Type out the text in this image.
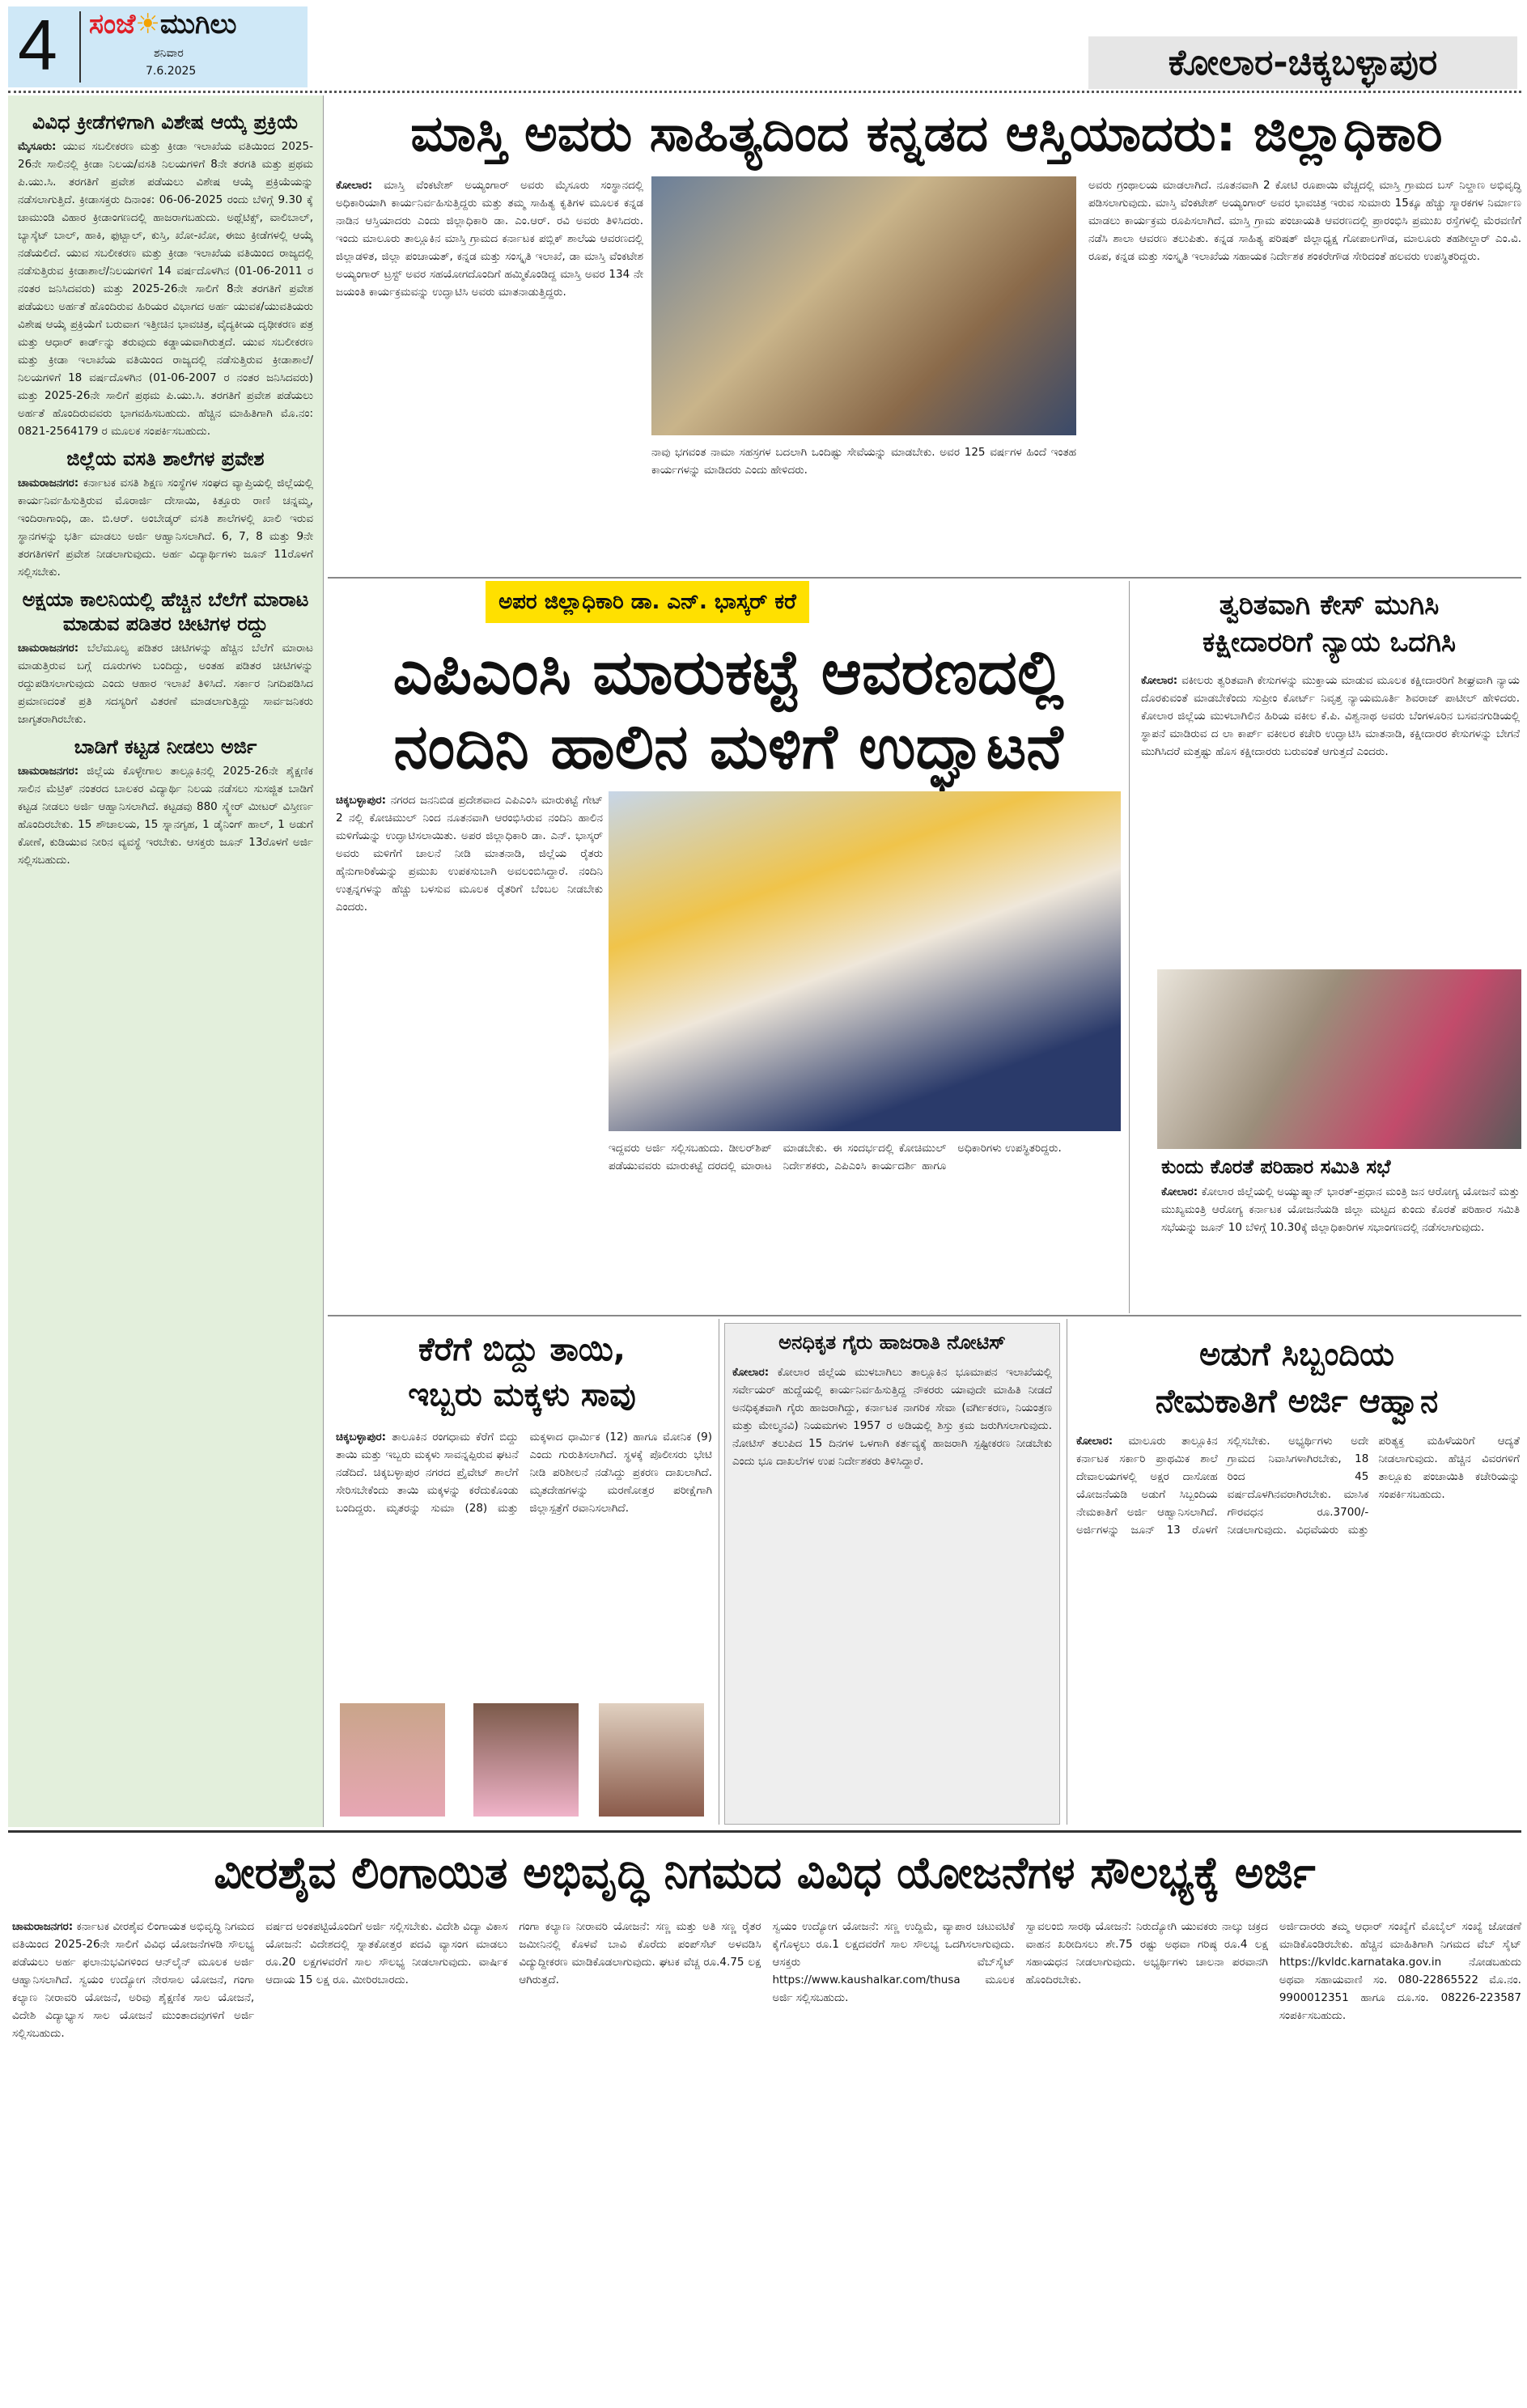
4 ಸಂಜೆ☀ಮುಗಿಲು
ಶನಿವಾರ
7.6.2025	ಕೋಲಾರ-ಚಿಕ್ಕಬಳ್ಳಾಪುರ
ವಿವಿಧ ಕ್ರೀಡೆಗಳಿಗಾಗಿ ವಿಶೇಷ ಆಯ್ಕೆ ಪ್ರಕ್ರಿಯೆ
ಮೈಸೂರು: ಯುವ ಸಬಲೀಕರಣ ಮತ್ತು ಕ್ರೀಡಾ ಇಲಾಖೆಯ ವತಿಯಿಂದ 2025-26ನೇ ಸಾಲಿನಲ್ಲಿ ಕ್ರೀಡಾ ನಿಲಯ/ವಸತಿ ನಿಲಯಗಳಿಗೆ 8ನೇ ತರಗತಿ ಮತ್ತು ಪ್ರಥಮ ಪಿ.ಯು.ಸಿ. ತರಗತಿಗೆ ಪ್ರವೇಶ ಪಡೆಯಲು ವಿಶೇಷ ಆಯ್ಕೆ ಪ್ರಕ್ರಿಯೆಯನ್ನು ನಡೆಸಲಾಗುತ್ತಿದೆ. ಕ್ರೀಡಾಸಕ್ತರು ದಿನಾಂಕ: 06-06-2025 ರಂದು ಬೆಳಿಗ್ಗೆ 9.30 ಕ್ಕೆ ಚಾಮುಂಡಿ ವಿಹಾರ ಕ್ರೀಡಾಂಗಣದಲ್ಲಿ ಹಾಜರಾಗಬಹುದು. ಅಥ್ಲೆಟಿಕ್ಸ್, ವಾಲಿಬಾಲ್, ಬ್ಯಾಸ್ಕೆಟ್ ಬಾಲ್, ಹಾಕಿ, ಫುಟ್ಬಾಲ್, ಕುಸ್ತಿ, ಖೋ-ಖೋ, ಈಜು ಕ್ರೀಡೆಗಳಲ್ಲಿ ಆಯ್ಕೆ ನಡೆಯಲಿದೆ. ಯುವ ಸಬಲೀಕರಣ ಮತ್ತು ಕ್ರೀಡಾ ಇಲಾಖೆಯ ವತಿಯಿಂದ ರಾಜ್ಯದಲ್ಲಿ ನಡೆಸುತ್ತಿರುವ ಕ್ರೀಡಾಶಾಲೆ/ನಿಲಯಗಳಿಗೆ 14 ವರ್ಷದೊಳಗಿನ (01-06-2011 ರ ನಂತರ ಜನಿಸಿದವರು) ಮತ್ತು 2025-26ನೇ ಸಾಲಿಗೆ 8ನೇ ತರಗತಿಗೆ ಪ್ರವೇಶ ಪಡೆಯಲು ಅರ್ಹತೆ ಹೊಂದಿರುವ ಹಿರಿಯರ ವಿಭಾಗದ ಅರ್ಹ ಯುವಕ/ಯುವತಿಯರು ವಿಶೇಷ ಆಯ್ಕೆ ಪ್ರಕ್ರಿಯೆಗೆ ಬರುವಾಗ ಇತ್ತೀಚಿನ ಭಾವಚಿತ್ರ, ವೈದ್ಯಕೀಯ ದೃಢೀಕರಣ ಪತ್ರ ಮತ್ತು ಆಧಾರ್ ಕಾರ್ಡ್‌ನ್ನು ತರುವುದು ಕಡ್ಡಾಯವಾಗಿರುತ್ತದೆ. ಯುವ ಸಬಲೀಕರಣ ಮತ್ತು ಕ್ರೀಡಾ ಇಲಾಖೆಯ ವತಿಯಿಂದ ರಾಜ್ಯದಲ್ಲಿ ನಡೆಸುತ್ತಿರುವ ಕ್ರೀಡಾಶಾಲೆ/ನಿಲಯಗಳಿಗೆ 18 ವರ್ಷದೊಳಗಿನ (01-06-2007 ರ ನಂತರ ಜನಿಸಿದವರು) ಮತ್ತು 2025-26ನೇ ಸಾಲಿಗೆ ಪ್ರಥಮ ಪಿ.ಯು.ಸಿ. ತರಗತಿಗೆ ಪ್ರವೇಶ ಪಡೆಯಲು ಅರ್ಹತೆ ಹೊಂದಿರುವವರು ಭಾಗವಹಿಸಬಹುದು. ಹೆಚ್ಚಿನ ಮಾಹಿತಿಗಾಗಿ ಮೊ.ನಂ: 0821-2564179 ರ ಮೂಲಕ ಸಂಪರ್ಕಿಸಬಹುದು.
ಜಿಲ್ಲೆಯ ವಸತಿ ಶಾಲೆಗಳ ಪ್ರವೇಶ
ಚಾಮರಾಜನಗರ: ಕರ್ನಾಟಕ ವಸತಿ ಶಿಕ್ಷಣ ಸಂಸ್ಥೆಗಳ ಸಂಘದ ವ್ಯಾಪ್ತಿಯಲ್ಲಿ ಜಿಲ್ಲೆಯಲ್ಲಿ ಕಾರ್ಯನಿರ್ವಹಿಸುತ್ತಿರುವ ಮೊರಾರ್ಜಿ ದೇಸಾಯಿ, ಕಿತ್ತೂರು ರಾಣಿ ಚನ್ನಮ್ಮ, ಇಂದಿರಾಗಾಂಧಿ, ಡಾ. ಬಿ.ಆರ್. ಅಂಬೇಡ್ಕರ್ ವಸತಿ ಶಾಲೆಗಳಲ್ಲಿ ಖಾಲಿ ಇರುವ ಸ್ಥಾನಗಳನ್ನು ಭರ್ತಿ ಮಾಡಲು ಅರ್ಜಿ ಆಹ್ವಾನಿಸಲಾಗಿದೆ. 6, 7, 8 ಮತ್ತು 9ನೇ ತರಗತಿಗಳಿಗೆ ಪ್ರವೇಶ ನೀಡಲಾಗುವುದು. ಅರ್ಹ ವಿದ್ಯಾರ್ಥಿಗಳು ಜೂನ್ 11ರೊಳಗೆ ಸಲ್ಲಿಸಬೇಕು.
ಅಕ್ಷಯಾ ಕಾಲನಿಯಲ್ಲಿ ಹೆಚ್ಚಿನ ಬೆಲೆಗೆ ಮಾರಾಟ ಮಾಡುವ ಪಡಿತರ ಚೀಟಿಗಳ ರದ್ದು
ಚಾಮರಾಜನಗರ: ಬೆಲೆಮೂಲ್ಯ ಪಡಿತರ ಚೀಟಿಗಳನ್ನು ಹೆಚ್ಚಿನ ಬೆಲೆಗೆ ಮಾರಾಟ ಮಾಡುತ್ತಿರುವ ಬಗ್ಗೆ ದೂರುಗಳು ಬಂದಿದ್ದು, ಅಂತಹ ಪಡಿತರ ಚೀಟಿಗಳನ್ನು ರದ್ದುಪಡಿಸಲಾಗುವುದು ಎಂದು ಆಹಾರ ಇಲಾಖೆ ತಿಳಿಸಿದೆ. ಸರ್ಕಾರ ನಿಗದಿಪಡಿಸಿದ ಪ್ರಮಾಣದಂತೆ ಪ್ರತಿ ಸದಸ್ಯರಿಗೆ ವಿತರಣೆ ಮಾಡಲಾಗುತ್ತಿದ್ದು ಸಾರ್ವಜನಿಕರು ಜಾಗೃತರಾಗಿರಬೇಕು.
ಬಾಡಿಗೆ ಕಟ್ಟಡ ನೀಡಲು ಅರ್ಜಿ
ಚಾಮರಾಜನಗರ: ಜಿಲ್ಲೆಯ ಕೊಳ್ಳೇಗಾಲ ತಾಲ್ಲೂಕಿನಲ್ಲಿ 2025-26ನೇ ಶೈಕ್ಷಣಿಕ ಸಾಲಿನ ಮೆಟ್ರಿಕ್ ನಂತರದ ಬಾಲಕರ ವಿದ್ಯಾರ್ಥಿ ನಿಲಯ ನಡೆಸಲು ಸುಸಜ್ಜಿತ ಬಾಡಿಗೆ ಕಟ್ಟಡ ನೀಡಲು ಅರ್ಜಿ ಆಹ್ವಾನಿಸಲಾಗಿದೆ. ಕಟ್ಟಡವು 880 ಸ್ಕ್ವೇರ್ ಮೀಟರ್ ವಿಸ್ತೀರ್ಣ ಹೊಂದಿರಬೇಕು. 15 ಶೌಚಾಲಯ, 15 ಸ್ನಾನಗೃಹ, 1 ಡೈನಿಂಗ್ ಹಾಲ್, 1 ಅಡುಗೆ ಕೋಣೆ, ಕುಡಿಯುವ ನೀರಿನ ವ್ಯವಸ್ಥೆ ಇರಬೇಕು. ಆಸಕ್ತರು ಜೂನ್ 13ರೊಳಗೆ ಅರ್ಜಿ ಸಲ್ಲಿಸಬಹುದು.
ಮಾಸ್ತಿ ಅವರು ಸಾಹಿತ್ಯದಿಂದ ಕನ್ನಡದ ಆಸ್ತಿಯಾದರು: ಜಿಲ್ಲಾಧಿಕಾರಿ
ಕೋಲಾರ: ಮಾಸ್ತಿ ವೆಂಕಟೇಶ್ ಅಯ್ಯಂಗಾರ್ ಅವರು ಮೈಸೂರು ಸಂಸ್ಥಾನದಲ್ಲಿ ಅಧಿಕಾರಿಯಾಗಿ ಕಾರ್ಯನಿರ್ವಹಿಸುತ್ತಿದ್ದರು ಮತ್ತು ತಮ್ಮ ಸಾಹಿತ್ಯ ಕೃತಿಗಳ ಮೂಲಕ ಕನ್ನಡ ನಾಡಿನ ಆಸ್ತಿಯಾದರು ಎಂದು ಜಿಲ್ಲಾಧಿಕಾರಿ ಡಾ. ಎಂ.ಆರ್. ರವಿ ಅವರು ತಿಳಿಸಿದರು. ಇಂದು ಮಾಲೂರು ತಾಲ್ಲೂಕಿನ ಮಾಸ್ತಿ ಗ್ರಾಮದ ಕರ್ನಾಟಕ ಪಬ್ಲಿಕ್ ಶಾಲೆಯ ಆವರಣದಲ್ಲಿ ಜಿಲ್ಲಾಡಳಿತ, ಜಿಲ್ಲಾ ಪಂಚಾಯತ್, ಕನ್ನಡ ಮತ್ತು ಸಂಸ್ಕೃತಿ ಇಲಾಖೆ, ಡಾ ಮಾಸ್ತಿ ವೆಂಕಟೇಶ ಅಯ್ಯಂಗಾರ್ ಟ್ರಸ್ಟ್ ಅವರ ಸಹಯೋಗದೊಂದಿಗೆ ಹಮ್ಮಿಕೊಂಡಿದ್ದ ಮಾಸ್ತಿ ಅವರ 134 ನೇ ಜಯಂತಿ ಕಾರ್ಯಕ್ರಮವನ್ನು ಉದ್ಘಾಟಿಸಿ ಅವರು ಮಾತನಾಡುತ್ತಿದ್ದರು.
ನಾವು ಭಗವಂತ ನಾಮಾ ಸಹಸ್ರಗಳ ಬದಲಾಗಿ ಒಂದಿಷ್ಟು ಸೇವೆಯನ್ನು ಮಾಡಬೇಕು. ಅವರ 125 ವರ್ಷಗಳ ಹಿಂದೆ ಇಂತಹ ಕಾರ್ಯಗಳನ್ನು ಮಾಡಿದರು ಎಂದು ಹೇಳಿದರು.
ಅವರು ಗ್ರಂಥಾಲಯ ಮಾಡಲಾಗಿದೆ. ನೂತನವಾಗಿ 2 ಕೋಟಿ ರೂಪಾಯಿ ವೆಚ್ಚದಲ್ಲಿ ಮಾಸ್ತಿ ಗ್ರಾಮದ ಬಸ್ ನಿಲ್ದಾಣ ಅಭಿವೃದ್ಧಿ ಪಡಿಸಲಾಗುವುದು. ಮಾಸ್ತಿ ವೆಂಕಟೇಶ್ ಅಯ್ಯಂಗಾರ್ ಅವರ ಭಾವಚಿತ್ರ ಇರುವ ಸುಮಾರು 15ಕ್ಕೂ ಹೆಚ್ಚು ಸ್ಮಾರಕಗಳ ನಿರ್ಮಾಣ ಮಾಡಲು ಕಾರ್ಯಕ್ರಮ ರೂಪಿಸಲಾಗಿದೆ. ಮಾಸ್ತಿ ಗ್ರಾಮ ಪಂಚಾಯತಿ ಆವರಣದಲ್ಲಿ ಪ್ರಾರಂಭಿಸಿ ಪ್ರಮುಖ ರಸ್ತೆಗಳಲ್ಲಿ ಮೆರವಣಿಗೆ ನಡೆಸಿ ಶಾಲಾ ಆವರಣ ತಲುಪಿತು. ಕನ್ನಡ ಸಾಹಿತ್ಯ ಪರಿಷತ್ ಜಿಲ್ಲಾಧ್ಯಕ್ಷ ಗೋಪಾಲಗೌಡ, ಮಾಲೂರು ತಹಶೀಲ್ದಾರ್ ಎಂ.ವಿ. ರೂಪ, ಕನ್ನಡ ಮತ್ತು ಸಂಸ್ಕೃತಿ ಇಲಾಖೆಯ ಸಹಾಯಕ ನಿರ್ದೇಶಕ ಶಂಕರೇಗೌಡ ಸೇರಿದಂತೆ ಹಲವರು ಉಪಸ್ಥಿತರಿದ್ದರು.
ಅಪರ ಜಿಲ್ಲಾಧಿಕಾರಿ ಡಾ. ಎನ್. ಭಾಸ್ಕರ್ ಕರೆ
ಎಪಿಎಂಸಿ ಮಾರುಕಟ್ಟೆ ಆವರಣದಲ್ಲಿ
ನಂದಿನಿ ಹಾಲಿನ ಮಳಿಗೆ ಉದ್ಘಾಟನೆ
ಚಿಕ್ಕಬಳ್ಳಾಪುರ: ನಗರದ ಜನನಿಬಿಡ ಪ್ರದೇಶವಾದ ಎಪಿಎಂಸಿ ಮಾರುಕಟ್ಟೆ ಗೇಟ್ 2 ನಲ್ಲಿ ಕೋಚಿಮುಲ್ ನಿಂದ ನೂತನವಾಗಿ ಆರಂಭಿಸಿರುವ ನಂದಿನಿ ಹಾಲಿನ ಮಳಿಗೆಯನ್ನು ಉದ್ಘಾಟಿಸಲಾಯಿತು. ಅಪರ ಜಿಲ್ಲಾಧಿಕಾರಿ ಡಾ. ಎನ್. ಭಾಸ್ಕರ್ ಅವರು ಮಳಿಗೆಗೆ ಚಾಲನೆ ನೀಡಿ ಮಾತನಾಡಿ, ಜಿಲ್ಲೆಯ ರೈತರು ಹೈನುಗಾರಿಕೆಯನ್ನು ಪ್ರಮುಖ ಉಪಕಸುಬಾಗಿ ಅವಲಂಬಿಸಿದ್ದಾರೆ. ನಂದಿನಿ ಉತ್ಪನ್ನಗಳನ್ನು ಹೆಚ್ಚು ಬಳಸುವ ಮೂಲಕ ರೈತರಿಗೆ ಬೆಂಬಲ ನೀಡಬೇಕು ಎಂದರು.
ಇದ್ದವರು ಅರ್ಜಿ ಸಲ್ಲಿಸಬಹುದು. ಡೀಲರ್‌ಶಿಪ್ ಪಡೆಯುವವರು ಮಾರುಕಟ್ಟೆ ದರದಲ್ಲಿ ಮಾರಾಟ ಮಾಡಬೇಕು. ಈ ಸಂದರ್ಭದಲ್ಲಿ ಕೋಚಿಮುಲ್ ನಿರ್ದೇಶಕರು, ಎಪಿಎಂಸಿ ಕಾರ್ಯದರ್ಶಿ ಹಾಗೂ ಅಧಿಕಾರಿಗಳು ಉಪಸ್ಥಿತರಿದ್ದರು.
ತ್ವರಿತವಾಗಿ ಕೇಸ್ ಮುಗಿಸಿ
ಕಕ್ಷೀದಾರರಿಗೆ ನ್ಯಾಯ ಒದಗಿಸಿ
ಕೋಲಾರ: ವಕೀಲರು ತ್ವರಿತವಾಗಿ ಕೇಸುಗಳನ್ನು ಮುಕ್ತಾಯ ಮಾಡುವ ಮೂಲಕ ಕಕ್ಷೀದಾರರಿಗೆ ಶೀಘ್ರವಾಗಿ ನ್ಯಾಯ ದೊರಕುವಂತೆ ಮಾಡಬೇಕೆಂದು ಸುಪ್ರೀಂ ಕೋರ್ಟ್ ನಿವೃತ್ತ ನ್ಯಾಯಮೂರ್ತಿ ಶಿವರಾಜ್ ಪಾಟೀಲ್ ಹೇಳಿದರು. ಕೋಲಾರ ಜಿಲ್ಲೆಯ ಮುಳಬಾಗಿಲಿನ ಹಿರಿಯ ವಕೀಲ ಕೆ.ಪಿ. ವಿಶ್ವನಾಥ ಅವರು ಬೆಂಗಳೂರಿನ ಬಸವನಗುಡಿಯಲ್ಲಿ ಸ್ಥಾಪನೆ ಮಾಡಿರುವ ದ ಲಾ ಕಾರ್ಪ್ ವಕೀಲರ ಕಚೇರಿ ಉದ್ಘಾಟಿಸಿ ಮಾತನಾಡಿ, ಕಕ್ಷೀದಾರರ ಕೇಸುಗಳನ್ನು ಬೇಗನೆ ಮುಗಿಸಿದರೆ ಮತ್ತಷ್ಟು ಹೊಸ ಕಕ್ಷೀದಾರರು ಬರುವಂತೆ ಆಗುತ್ತದೆ ಎಂದರು.
ಕುಂದು ಕೊರತೆ ಪರಿಹಾರ ಸಮಿತಿ ಸಭೆ
ಕೋಲಾರ: ಕೋಲಾರ ಜಿಲ್ಲೆಯಲ್ಲಿ ಅಯ್ಯುಷ್ಮಾನ್ ಭಾರತ್-ಪ್ರಧಾನ ಮಂತ್ರಿ ಜನ ಆರೋಗ್ಯ ಯೋಜನೆ ಮತ್ತು ಮುಖ್ಯಮಂತ್ರಿ ಆರೋಗ್ಯ ಕರ್ನಾಟಕ ಯೋಜನೆಯಡಿ ಜಿಲ್ಲಾ ಮಟ್ಟದ ಕುಂದು ಕೊರತೆ ಪರಿಹಾರ ಸಮಿತಿ ಸಭೆಯನ್ನು ಜೂನ್ 10 ಬೆಳಿಗ್ಗೆ 10.30ಕ್ಕೆ ಜಿಲ್ಲಾಧಿಕಾರಿಗಳ ಸಭಾಂಗಣದಲ್ಲಿ ನಡೆಸಲಾಗುವುದು.
ಕೆರೆಗೆ ಬಿದ್ದು ತಾಯಿ,
ಇಬ್ಬರು ಮಕ್ಕಳು ಸಾವು
ಚಿಕ್ಕಬಳ್ಳಾಪುರ: ತಾಲೂಕಿನ ರಂಗಧಾಮ ಕೆರೆಗೆ ಬಿದ್ದು ತಾಯಿ ಮತ್ತು ಇಬ್ಬರು ಮಕ್ಕಳು ಸಾವನ್ನಪ್ಪಿರುವ ಘಟನೆ ನಡೆದಿದೆ. ಚಿಕ್ಕಬಳ್ಳಾಪುರ ನಗರದ ಪ್ರೈವೇಟ್ ಶಾಲೆಗೆ ಸೇರಿಸಬೇಕೆಂದು ತಾಯಿ ಮಕ್ಕಳನ್ನು ಕರೆದುಕೊಂಡು ಬಂದಿದ್ದರು. ಮೃತರನ್ನು ಸುಮಾ (28) ಮತ್ತು ಮಕ್ಕಳಾದ ಧಾರ್ಮಿಕ (12) ಹಾಗೂ ಮೋನಿಕ (9) ಎಂದು ಗುರುತಿಸಲಾಗಿದೆ. ಸ್ಥಳಕ್ಕೆ ಪೊಲೀಸರು ಭೇಟಿ ನೀಡಿ ಪರಿಶೀಲನೆ ನಡೆಸಿದ್ದು ಪ್ರಕರಣ ದಾಖಲಾಗಿದೆ. ಮೃತದೇಹಗಳನ್ನು ಮರಣೋತ್ತರ ಪರೀಕ್ಷೆಗಾಗಿ ಜಿಲ್ಲಾಸ್ಪತ್ರೆಗೆ ರವಾನಿಸಲಾಗಿದೆ.
ಅನಧಿಕೃತ ಗೈರು ಹಾಜರಾತಿ ನೋಟಿಸ್
ಕೋಲಾರ: ಕೋಲಾರ ಜಿಲ್ಲೆಯ ಮುಳಬಾಗಿಲು ತಾಲ್ಲೂಕಿನ ಭೂಮಾಪನ ಇಲಾಖೆಯಲ್ಲಿ ಸರ್ವೇಯರ್ ಹುದ್ದೆಯಲ್ಲಿ ಕಾರ್ಯನಿರ್ವಹಿಸುತ್ತಿದ್ದ ನೌಕರರು ಯಾವುದೇ ಮಾಹಿತಿ ನೀಡದೆ ಅನಧಿಕೃತವಾಗಿ ಗೈರು ಹಾಜರಾಗಿದ್ದು, ಕರ್ನಾಟಕ ನಾಗರಿಕ ಸೇವಾ (ವರ್ಗೀಕರಣ, ನಿಯಂತ್ರಣ ಮತ್ತು ಮೇಲ್ಮನವಿ) ನಿಯಮಗಳು 1957 ರ ಅಡಿಯಲ್ಲಿ ಶಿಸ್ತು ಕ್ರಮ ಜರುಗಿಸಲಾಗುವುದು. ನೋಟಿಸ್ ತಲುಪಿದ 15 ದಿನಗಳ ಒಳಗಾಗಿ ಕರ್ತವ್ಯಕ್ಕೆ ಹಾಜರಾಗಿ ಸ್ಪಷ್ಟೀಕರಣ ನೀಡಬೇಕು ಎಂದು ಭೂ ದಾಖಲೆಗಳ ಉಪ ನಿರ್ದೇಶಕರು ತಿಳಿಸಿದ್ದಾರೆ.
ಅಡುಗೆ ಸಿಬ್ಬಂದಿಯ
ನೇಮಕಾತಿಗೆ ಅರ್ಜಿ ಆಹ್ವಾನ
ಕೋಲಾರ: ಮಾಲೂರು ತಾಲ್ಲೂಕಿನ ಕರ್ನಾಟಕ ಸರ್ಕಾರಿ ಪ್ರಾಥಮಿಕ ಶಾಲೆ ದೇವಾಲಯಗಳಲ್ಲಿ ಅಕ್ಷರ ದಾಸೋಹ ಯೋಜನೆಯಡಿ ಅಡುಗೆ ಸಿಬ್ಬಂದಿಯ ನೇಮಕಾತಿಗೆ ಅರ್ಜಿ ಆಹ್ವಾನಿಸಲಾಗಿದೆ. ಅರ್ಜಿಗಳನ್ನು ಜೂನ್ 13 ರೊಳಗೆ ಸಲ್ಲಿಸಬೇಕು. ಅಭ್ಯರ್ಥಿಗಳು ಅದೇ ಗ್ರಾಮದ ನಿವಾಸಿಗಳಾಗಿರಬೇಕು, 18 ರಿಂದ 45 ವರ್ಷದೊಳಗಿನವರಾಗಿರಬೇಕು. ಮಾಸಿಕ ಗೌರವಧನ ರೂ.3700/- ನೀಡಲಾಗುವುದು. ವಿಧವೆಯರು ಮತ್ತು ಪರಿತ್ಯಕ್ತ ಮಹಿಳೆಯರಿಗೆ ಆದ್ಯತೆ ನೀಡಲಾಗುವುದು. ಹೆಚ್ಚಿನ ವಿವರಗಳಿಗೆ ತಾಲ್ಲೂಕು ಪಂಚಾಯಿತಿ ಕಚೇರಿಯನ್ನು ಸಂಪರ್ಕಿಸಬಹುದು.
ವೀರಶೈವ ಲಿಂಗಾಯಿತ ಅಭಿವೃದ್ಧಿ ನಿಗಮದ ವಿವಿಧ ಯೋಜನೆಗಳ ಸೌಲಭ್ಯಕ್ಕೆ ಅರ್ಜಿ
ಚಾಮರಾಜನಗರ: ಕರ್ನಾಟಕ ವೀರಶೈವ ಲಿಂಗಾಯತ ಅಭಿವೃದ್ಧಿ ನಿಗಮದ ವತಿಯಿಂದ 2025-26ನೇ ಸಾಲಿಗೆ ವಿವಿಧ ಯೋಜನೆಗಳಡಿ ಸೌಲಭ್ಯ ಪಡೆಯಲು ಅರ್ಹ ಫಲಾನುಭವಿಗಳಿಂದ ಆನ್‌ಲೈನ್ ಮೂಲಕ ಅರ್ಜಿ ಆಹ್ವಾನಿಸಲಾಗಿದೆ. ಸ್ವಯಂ ಉದ್ಯೋಗ ನೇರಸಾಲ ಯೋಜನೆ, ಗಂಗಾ ಕಲ್ಯಾಣ ನೀರಾವರಿ ಯೋಜನೆ, ಅರಿವು ಶೈಕ್ಷಣಿಕ ಸಾಲ ಯೋಜನೆ, ವಿದೇಶಿ ವಿದ್ಯಾಭ್ಯಾಸ ಸಾಲ ಯೋಜನೆ ಮುಂತಾದವುಗಳಿಗೆ ಅರ್ಜಿ ಸಲ್ಲಿಸಬಹುದು.
ವರ್ಷದ ಅಂಕಪಟ್ಟಿಯೊಂದಿಗೆ ಅರ್ಜಿ ಸಲ್ಲಿಸಬೇಕು. ವಿದೇಶಿ ವಿದ್ಯಾ ವಿಕಾಸ ಯೋಜನೆ: ವಿದೇಶದಲ್ಲಿ ಸ್ನಾತಕೋತ್ತರ ಪದವಿ ವ್ಯಾಸಂಗ ಮಾಡಲು ರೂ.20 ಲಕ್ಷಗಳವರೆಗೆ ಸಾಲ ಸೌಲಭ್ಯ ನೀಡಲಾಗುವುದು. ವಾರ್ಷಿಕ ಆದಾಯ 15 ಲಕ್ಷ ರೂ. ಮೀರಿರಬಾರದು.
ಗಂಗಾ ಕಲ್ಯಾಣ ನೀರಾವರಿ ಯೋಜನೆ: ಸಣ್ಣ ಮತ್ತು ಅತಿ ಸಣ್ಣ ರೈತರ ಜಮೀನಿನಲ್ಲಿ ಕೊಳವೆ ಬಾವಿ ಕೊರೆದು ಪಂಪ್‌ಸೆಟ್ ಅಳವಡಿಸಿ ವಿದ್ಯುದ್ದೀಕರಣ ಮಾಡಿಕೊಡಲಾಗುವುದು. ಘಟಕ ವೆಚ್ಚ ರೂ.4.75 ಲಕ್ಷ ಆಗಿರುತ್ತದೆ.
ಸ್ವಯಂ ಉದ್ಯೋಗ ಯೋಜನೆ: ಸಣ್ಣ ಉದ್ದಿಮೆ, ವ್ಯಾಪಾರ ಚಟುವಟಿಕೆ ಕೈಗೊಳ್ಳಲು ರೂ.1 ಲಕ್ಷದವರೆಗೆ ಸಾಲ ಸೌಲಭ್ಯ ಒದಗಿಸಲಾಗುವುದು. ಆಸಕ್ತರು ವೆಬ್‌ಸೈಟ್ https://www.kaushalkar.com/thusa ಮೂಲಕ ಅರ್ಜಿ ಸಲ್ಲಿಸಬಹುದು.
ಸ್ವಾವಲಂಬಿ ಸಾರಥಿ ಯೋಜನೆ: ನಿರುದ್ಯೋಗಿ ಯುವಕರು ನಾಲ್ಕು ಚಕ್ರದ ವಾಹನ ಖರೀದಿಸಲು ಶೇ.75 ರಷ್ಟು ಅಥವಾ ಗರಿಷ್ಠ ರೂ.4 ಲಕ್ಷ ಸಹಾಯಧನ ನೀಡಲಾಗುವುದು. ಅಭ್ಯರ್ಥಿಗಳು ಚಾಲನಾ ಪರವಾನಗಿ ಹೊಂದಿರಬೇಕು.
ಅರ್ಜಿದಾರರು ತಮ್ಮ ಆಧಾರ್ ಸಂಖ್ಯೆಗೆ ಮೊಬೈಲ್ ಸಂಖ್ಯೆ ಜೋಡಣೆ ಮಾಡಿಕೊಂಡಿರಬೇಕು. ಹೆಚ್ಚಿನ ಮಾಹಿತಿಗಾಗಿ ನಿಗಮದ ವೆಬ್ ಸೈಟ್ https://kvldc.karnataka.gov.in ನೋಡಬಹುದು ಅಥವಾ ಸಹಾಯವಾಣಿ ಸಂ. 080-22865522 ಮೊ.ನಂ. 9900012351 ಹಾಗೂ ದೂ.ಸಂ. 08226-223587 ಸಂಪರ್ಕಿಸಬಹುದು.
